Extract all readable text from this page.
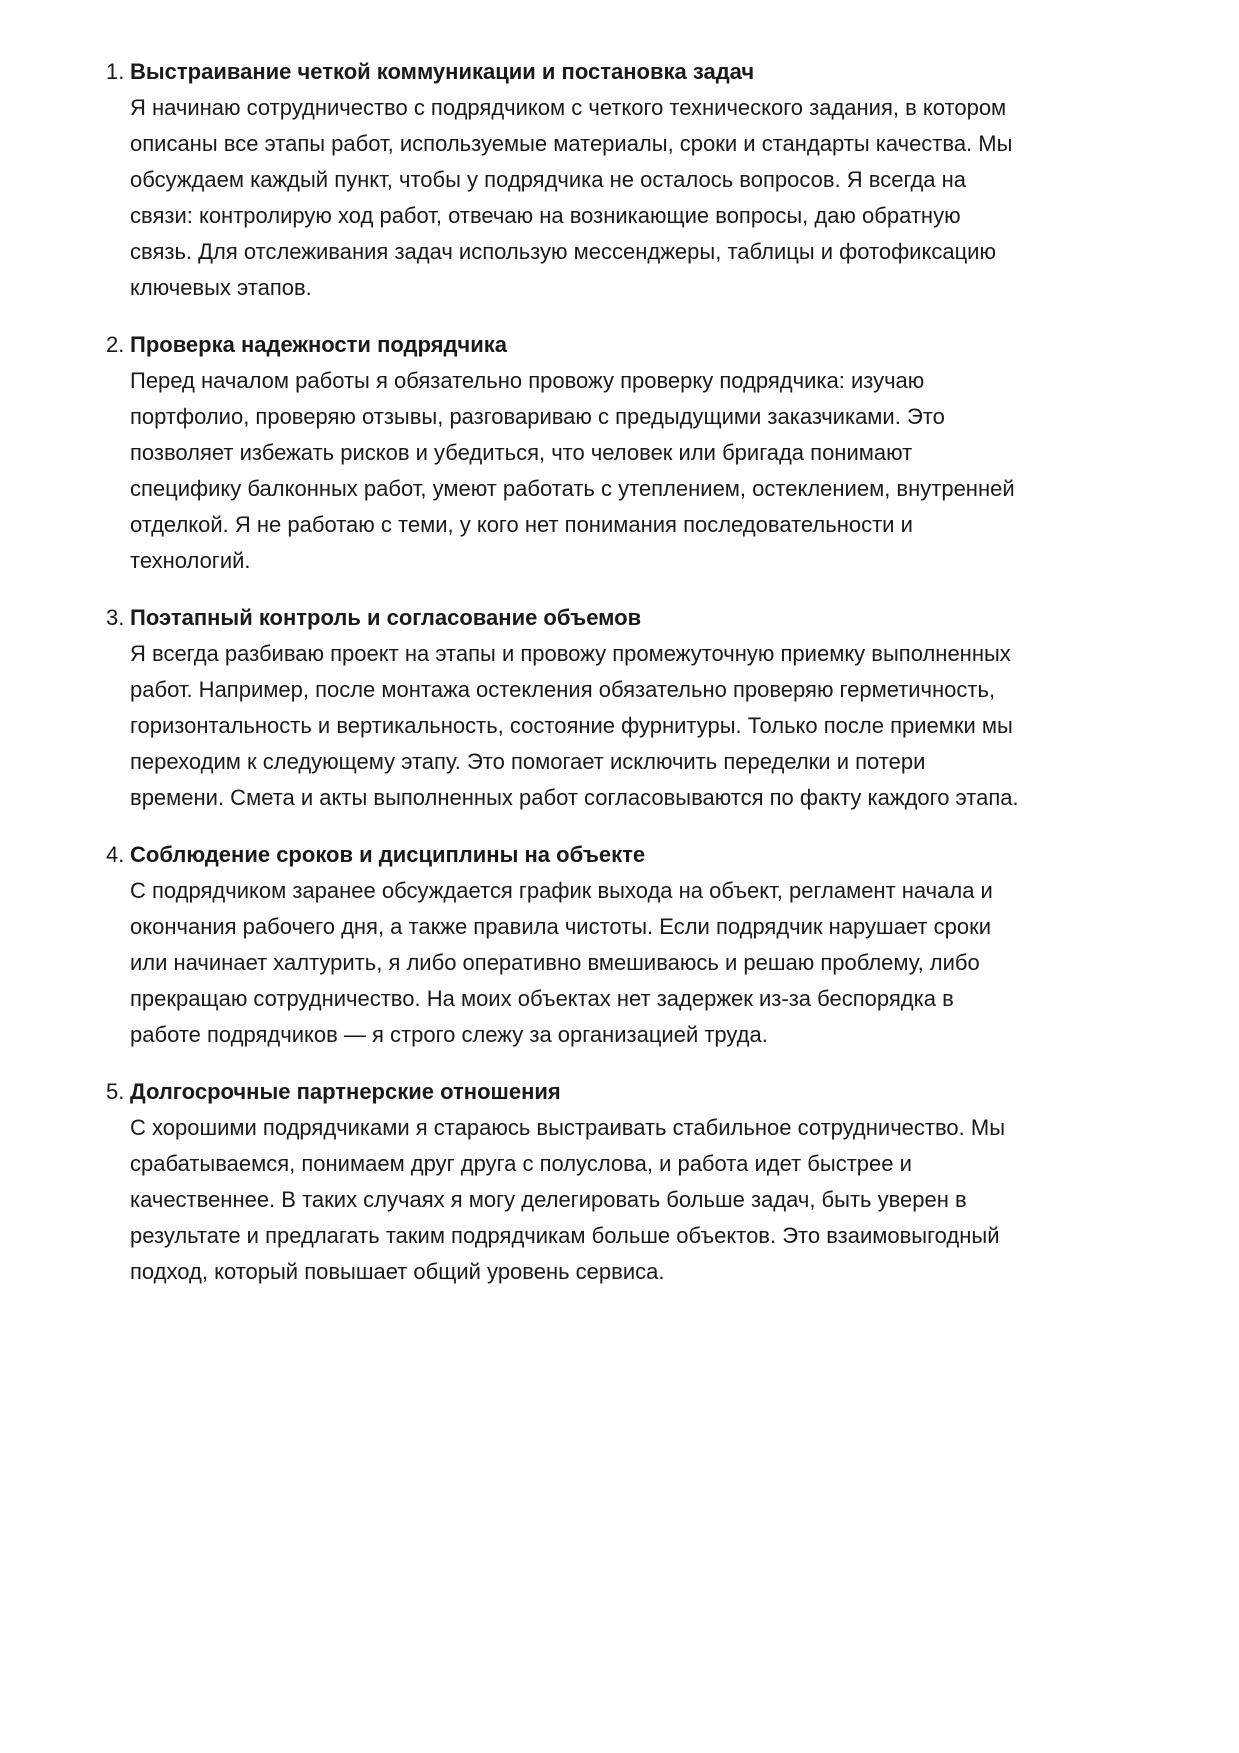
1. Выстраивание четкой коммуникации и постановка задач
Я начинаю сотрудничество с подрядчиком с четкого технического задания, в котором
описаны все этапы работ, используемые материалы, сроки и стандарты качества. Мы
обсуждаем каждый пункт, чтобы у подрядчика не осталось вопросов. Я всегда на
связи: контролирую ход работ, отвечаю на возникающие вопросы, даю обратную
связь. Для отслеживания задач использую мессенджеры, таблицы и фотофиксацию
ключевых этапов.
2. Проверка надежности подрядчика
Перед началом работы я обязательно провожу проверку подрядчика: изучаю
портфолио, проверяю отзывы, разговариваю с предыдущими заказчиками. Это
позволяет избежать рисков и убедиться, что человек или бригада понимают
специфику балконных работ, умеют работать с утеплением, остеклением, внутренней
отделкой. Я не работаю с теми, у кого нет понимания последовательности и
технологий.
3. Поэтапный контроль и согласование объемов
Я всегда разбиваю проект на этапы и провожу промежуточную приемку выполненных
работ. Например, после монтажа остекления обязательно проверяю герметичность,
горизонтальность и вертикальность, состояние фурнитуры. Только после приемки мы
переходим к следующему этапу. Это помогает исключить переделки и потери
времени. Смета и акты выполненных работ согласовываются по факту каждого этапа.
4. Соблюдение сроков и дисциплины на объекте
С подрядчиком заранее обсуждается график выхода на объект, регламент начала и
окончания рабочего дня, а также правила чистоты. Если подрядчик нарушает сроки
или начинает халтурить, я либо оперативно вмешиваюсь и решаю проблему, либо
прекращаю сотрудничество. На моих объектах нет задержек из-за беспорядка в
работе подрядчиков — я строго слежу за организацией труда.
5. Долгосрочные партнерские отношения
С хорошими подрядчиками я стараюсь выстраивать стабильное сотрудничество. Мы
срабатываемся, понимаем друг друга с полуслова, и работа идет быстрее и
качественнее. В таких случаях я могу делегировать больше задач, быть уверен в
результате и предлагать таким подрядчикам больше объектов. Это взаимовыгодный
подход, который повышает общий уровень сервиса.
